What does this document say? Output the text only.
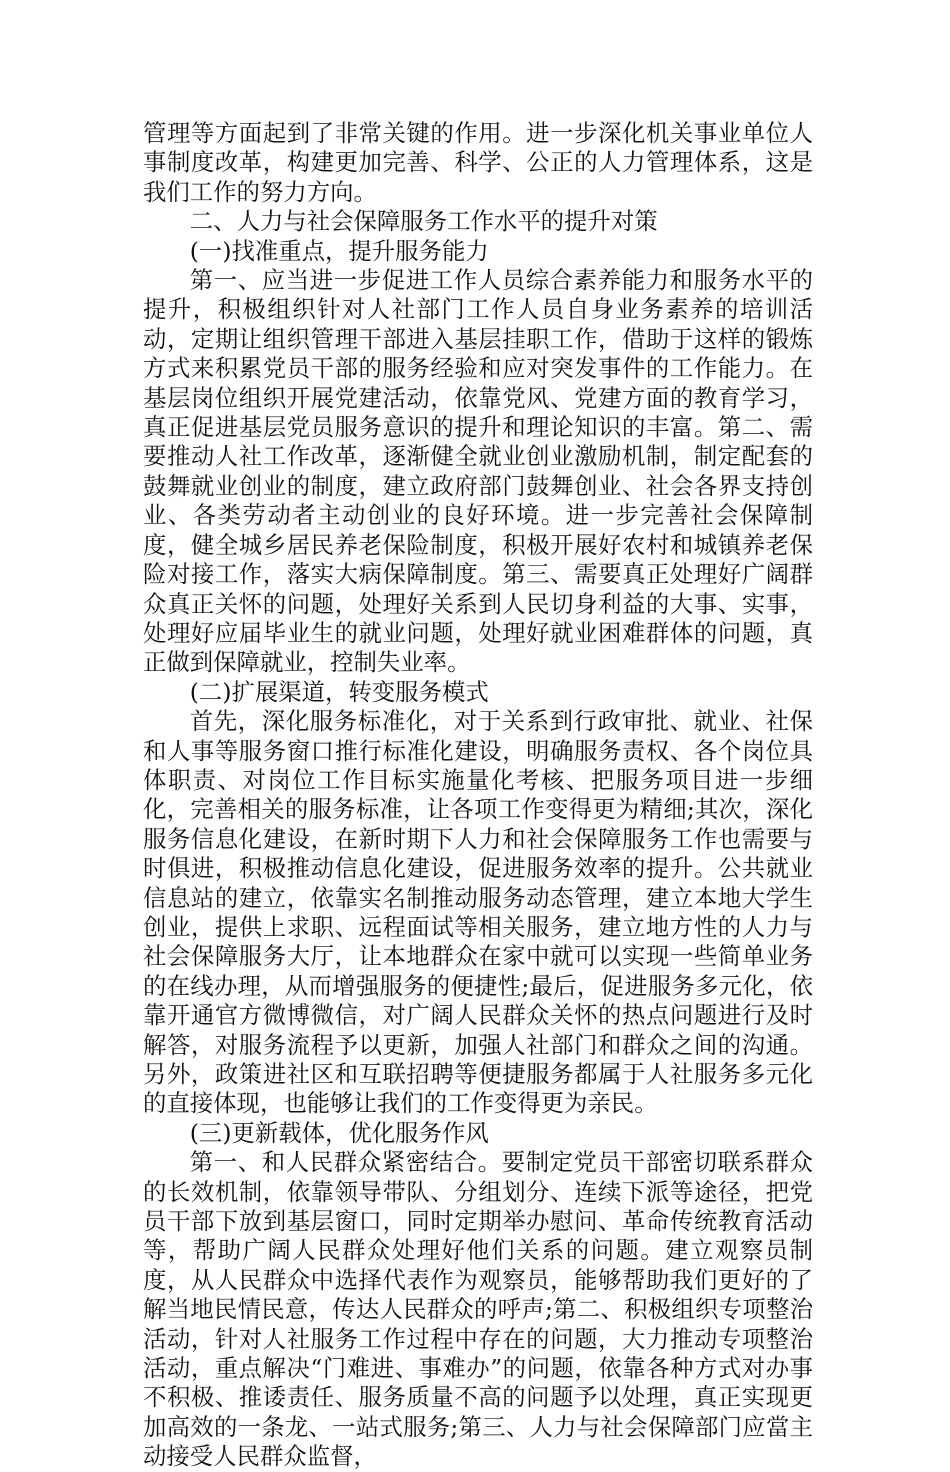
管理等方面起到了非常关键的作用。进一步深化机关事业单位人事制度改革，构建更加完善、科学、公正的人力管理体系，这是我们工作的努力方向。

二、人力与社会保障服务工作水平的提升对策

(一)找准重点，提升服务能力

第一、应当进一步促进工作人员综合素养能力和服务水平的提升，积极组织针对人社部门工作人员自身业务素养的培训活动，定期让组织管理干部进入基层挂职工作，借助于这样的锻炼方式来积累党员干部的服务经验和应对突发事件的工作能力。在基层岗位组织开展党建活动，依靠党风、党建方面的教育学习，真正促进基层党员服务意识的提升和理论知识的丰富。第二、需要推动人社工作改革，逐渐健全就业创业激励机制，制定配套的鼓舞就业创业的制度，建立政府部门鼓舞创业、社会各界支持创业、各类劳动者主动创业的良好环境。进一步完善社会保障制度，健全城乡居民养老保险制度，积极开展好农村和城镇养老保险对接工作，落实大病保障制度。第三、需要真正处理好广阔群众真正关怀的问题，处理好关系到人民切身利益的大事、实事，处理好应届毕业生的就业问题，处理好就业困难群体的问题，真正做到保障就业，控制失业率。

(二)扩展渠道，转变服务模式

首先，深化服务标准化，对于关系到行政审批、就业、社保和人事等服务窗口推行标准化建设，明确服务责权、各个岗位具体职责、对岗位工作目标实施量化考核、把服务项目进一步细化，完善相关的服务标准，让各项工作变得更为精细;其次，深化服务信息化建设，在新时期下人力和社会保障服务工作也需要与时俱进，积极推动信息化建设，促进服务效率的提升。公共就业信息站的建立，依靠实名制推动服务动态管理，建立本地大学生创业，提供上求职、远程面试等相关服务，建立地方性的人力与社会保障服务大厅，让本地群众在家中就可以实现一些简单业务的在线办理，从而增强服务的便捷性;最后，促进服务多元化，依靠开通官方微博微信，对广阔人民群众关怀的热点问题进行及时解答，对服务流程予以更新，加强人社部门和群众之间的沟通。另外，政策进社区和互联招聘等便捷服务都属于人社服务多元化的直接体现，也能够让我们的工作变得更为亲民。

(三)更新载体，优化服务作风

第一、和人民群众紧密结合。要制定党员干部密切联系群众的长效机制，依靠领导带队、分组划分、连续下派等途径，把党员干部下放到基层窗口，同时定期举办慰问、革命传统教育活动等，帮助广阔人民群众处理好他们关系的问题。建立观察员制度，从人民群众中选择代表作为观察员，能够帮助我们更好的了解当地民情民意，传达人民群众的呼声;第二、积极组织专项整治活动，针对人社服务工作过程中存在的问题，大力推动专项整治活动，重点解决“门难进、事难办”的问题，依靠各种方式对办事不积极、推诿责任、服务质量不高的问题予以处理，真正实现更加高效的一条龙、一站式服务;第三、人力与社会保障部门应當主动接受人民群众监督，
